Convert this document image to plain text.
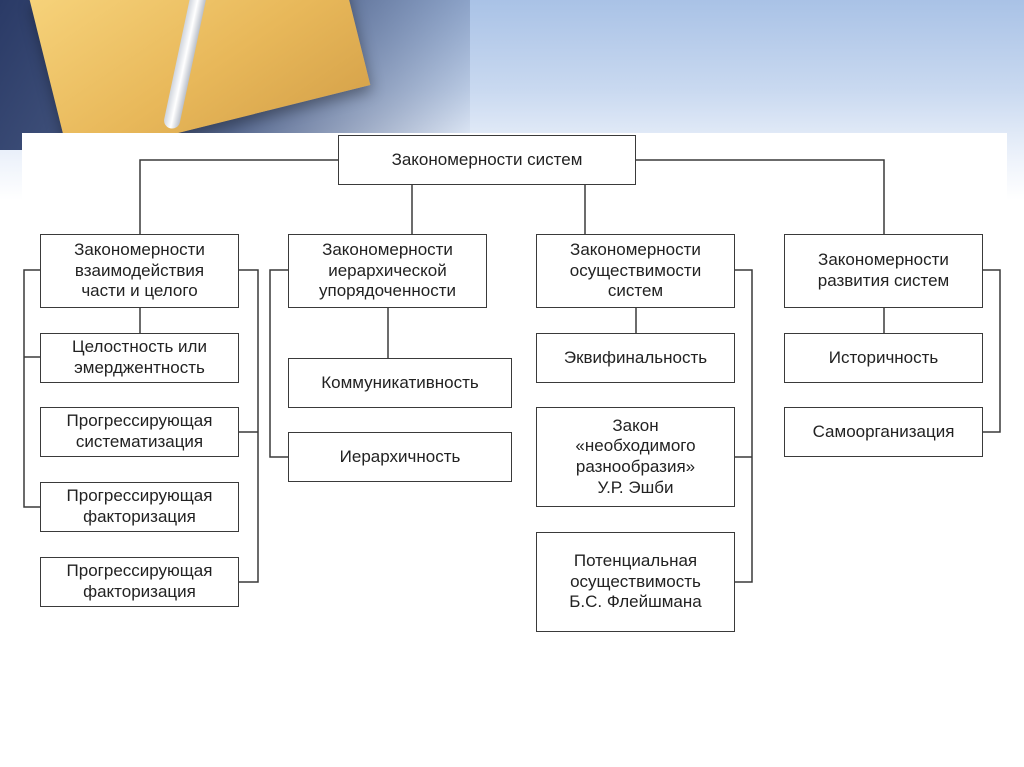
Закономерности систем
Закономерности
взаимодействия
части и целого
Целостность или
эмерджентность
Прогрессирующая
систематизация
Прогрессирующая
факторизация
Прогрессирующая
факторизация
Закономерности
иерархической
упорядоченности
Коммуникативность
Иерархичность
Закономерности
осуществимости
систем
Эквифинальность
Закон
«необходимого
разнообразия»
У.Р. Эшби
Потенциальная
осуществимость
Б.С. Флейшмана
Закономерности
развития систем
Историчность
Самоорганизация
